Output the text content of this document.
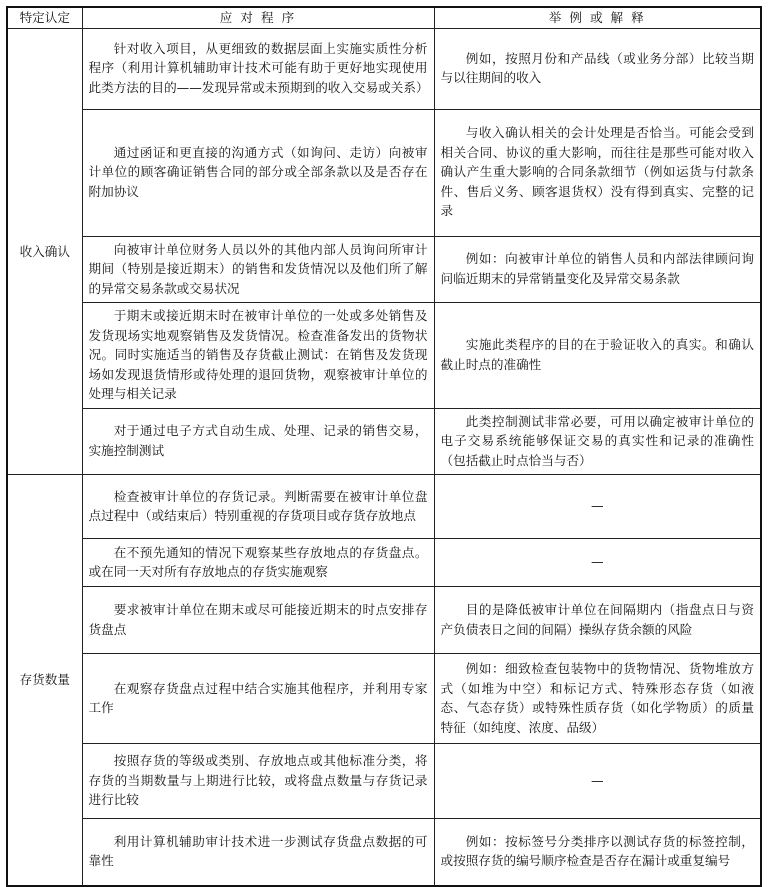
特定认定	应 对 程 序	举 例 或 解 释
收入确认	针对收入项目，从更细致的数据层面上实施实质性分析程序（利用计算机辅助审计技术可能有助于更好地实现使用此类方法的目的——发现异常或未预期到的收入交易或关系）	例如，按照月份和产品线（或业务分部）比较当期与以往期间的收入
	通过函证和更直接的沟通方式（如询问、走访）向被审计单位的顾客确证销售合同的部分或全部条款以及是否存在附加协议	与收入确认相关的会计处理是否恰当。可能会受到相关合同、协议的重大影响，而往往是那些可能对收入确认产生重大影响的合同条款细节（例如运货与付款条件、售后义务、顾客退货权）没有得到真实、完整的记录
	向被审计单位财务人员以外的其他内部人员询问所审计期间（特别是接近期末）的销售和发货情况以及他们所了解的异常交易条款或交易状况	例如：向被审计单位的销售人员和内部法律顾问询问临近期末的异常销量变化及异常交易条款
	于期末或接近期末时在被审计单位的一处或多处销售及发货现场实地观察销售及发货情况。检查准备发出的货物状况。同时实施适当的销售及存货截止测试：在销售及发货现场如发现退货情形或待处理的退回货物，观察被审计单位的处理与相关记录	实施此类程序的目的在于验证收入的真实。和确认截止时点的准确性
	对于通过电子方式自动生成、处理、记录的销售交易，实施控制测试	此类控制测试非常必要，可用以确定被审计单位的电子交易系统能够保证交易的真实性和记录的准确性（包括截止时点恰当与否）
存货数量	检查被审计单位的存货记录。判断需要在被审计单位盘点过程中（或结束后）特别重视的存货项目或存货存放地点	—
	在不预先通知的情况下观察某些存放地点的存货盘点。或在同一天对所有存放地点的存货实施观察	—
	要求被审计单位在期末或尽可能接近期末的时点安排存货盘点	目的是降低被审计单位在间隔期内（指盘点日与资产负债表日之间的间隔）操纵存货余额的风险
	在观察存货盘点过程中结合实施其他程序，并利用专家工作	例如：细致检查包装物中的货物情况、货物堆放方式（如堆为中空）和标记方式、特殊形态存货（如液态、气态存货）或特殊性质存货（如化学物质）的质量特征（如纯度、浓度、品级）
	按照存货的等级或类别、存放地点或其他标准分类，将存货的当期数量与上期进行比较，或将盘点数量与存货记录进行比较	—
	利用计算机辅助审计技术进一步测试存货盘点数据的可靠性	例如：按标签号分类排序以测试存货的标签控制，或按照存货的编号顺序检查是否存在漏计或重复编号
